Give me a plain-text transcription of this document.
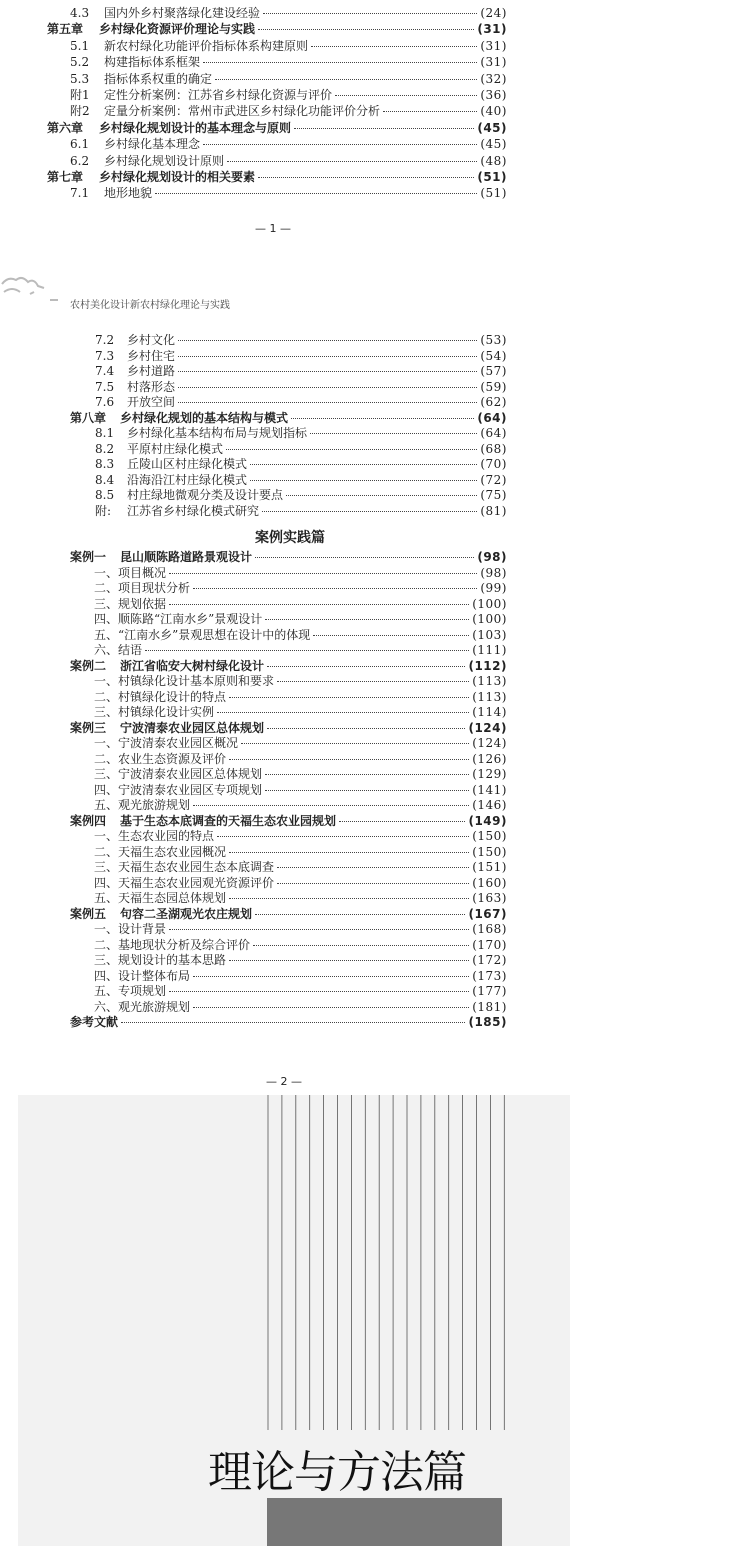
4.3	国内外乡村聚落绿化建设经验	(24)
第五章	乡村绿化资源评价理论与实践	(31)
5.1	新农村绿化功能评价指标体系构建原则	(31)
5.2	构建指标体系框架	(31)
5.3	指标体系权重的确定	(32)
附1	定性分析案例：江苏省乡村绿化资源与评价	(36)
附2	定量分析案例：常州市武进区乡村绿化功能评价分析	(40)
第六章	乡村绿化规划设计的基本理念与原则	(45)
6.1	乡村绿化基本理念	(45)
6.2	乡村绿化规划设计原则	(48)
第七章	乡村绿化规划设计的相关要素	(51)
7.1	地形地貌	(51)
— 1 —
农村美化设计新农村绿化理论与实践
7.2	乡村文化	(53)
7.3	乡村住宅	(54)
7.4	乡村道路	(57)
7.5	村落形态	(59)
7.6	开放空间	(62)
第八章	乡村绿化规划的基本结构与模式	(64)
8.1	乡村绿化基本结构布局与规划指标	(64)
8.2	平原村庄绿化模式	(68)
8.3	丘陵山区村庄绿化模式	(70)
8.4	沿海沿江村庄绿化模式	(72)
8.5	村庄绿地微观分类及设计要点	(75)
附:	江苏省乡村绿化模式研究	(81)
案例实践篇
案例一	昆山顺陈路道路景观设计	(98)
一、 项目概况	(98)
二、 项目现状分析	(99)
三、 规划依据	(100)
四、 顺陈路“江南水乡”景观设计	(100)
五、 “江南水乡”景观思想在设计中的体现	(103)
六、 结语	(111)
案例二	浙江省临安大树村绿化设计	(112)
一、 村镇绿化设计基本原则和要求	(113)
二、 村镇绿化设计的特点	(113)
三、 村镇绿化设计实例	(114)
案例三	宁波清泰农业园区总体规划	(124)
一、 宁波清泰农业园区概况	(124)
二、 农业生态资源及评价	(126)
三、 宁波清泰农业园区总体规划	(129)
四、 宁波清泰农业园区专项规划	(141)
五、 观光旅游规划	(146)
案例四	基于生态本底调查的天福生态农业园规划	(149)
一、 生态农业园的特点	(150)
二、 天福生态农业园概况	(150)
三、 天福生态农业园生态本底调查	(151)
四、 天福生态农业园观光资源评价	(160)
五、 天福生态园总体规划	(163)
案例五	句容二圣湖观光农庄规划	(167)
一、 设计背景	(168)
二、 基地现状分析及综合评价	(170)
三、 规划设计的基本思路	(172)
四、 设计整体布局	(173)
五、 专项规划	(177)
六、 观光旅游规划	(181)
参考文献	(185)
— 2 —
理论与方法篇
